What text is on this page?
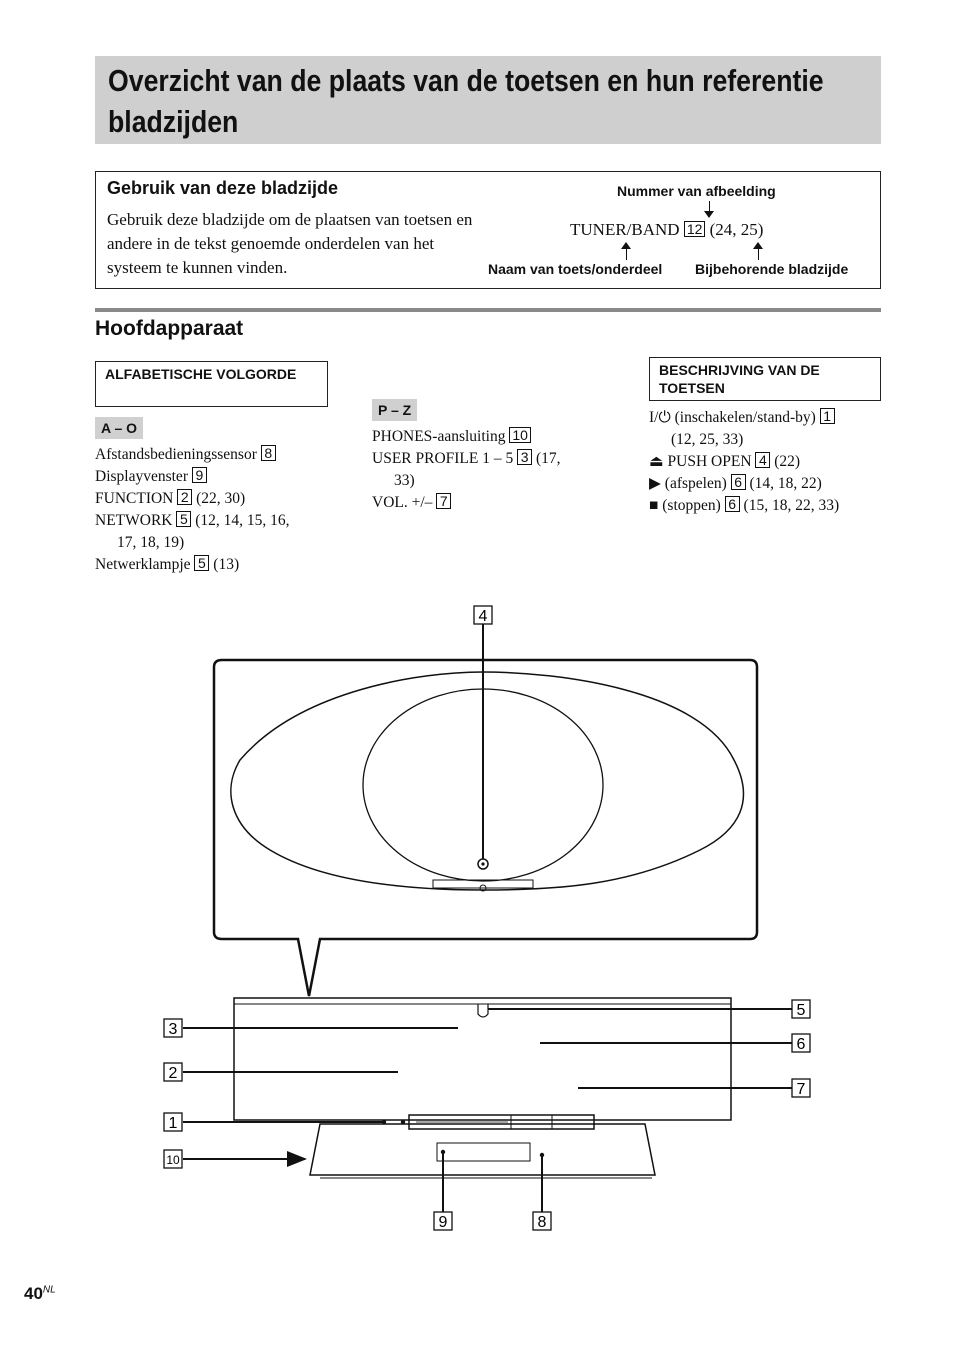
Overzicht van de plaats van de toetsen en hun referentie bladzijden
Gebruik van deze bladzijde
Gebruik deze bladzijde om de plaatsen van toetsen en andere in de tekst genoemde onderdelen van het systeem te kunnen vinden.
Nummer van afbeelding
TUNER/BAND 12 (24, 25)
Naam van toets/onderdeel Bijbehorende bladzijde
Hoofdapparaat
ALFABETISCHE VOLGORDE
A – O
Afstandsbedieningssensor 8
Displayvenster 9
FUNCTION 2 (22, 30)
NETWORK 5 (12, 14, 15, 16,
17, 18, 19)
Netwerklampje 5 (13)
P – Z
PHONES-aansluiting 10
USER PROFILE 1 – 5 3 (17,
33)
VOL. +/– 7
BESCHRIJVING VAN DE TOETSEN
I/⏻ (inschakelen/stand-by) 1
(12, 25, 33)
⏏ PUSH OPEN 4 (22)
▶ (afspelen) 6 (14, 18, 22)
■ (stoppen) 6 (15, 18, 22, 33)
4
3
2
1
10
5
6
7
9	8
$40^{NL}$
